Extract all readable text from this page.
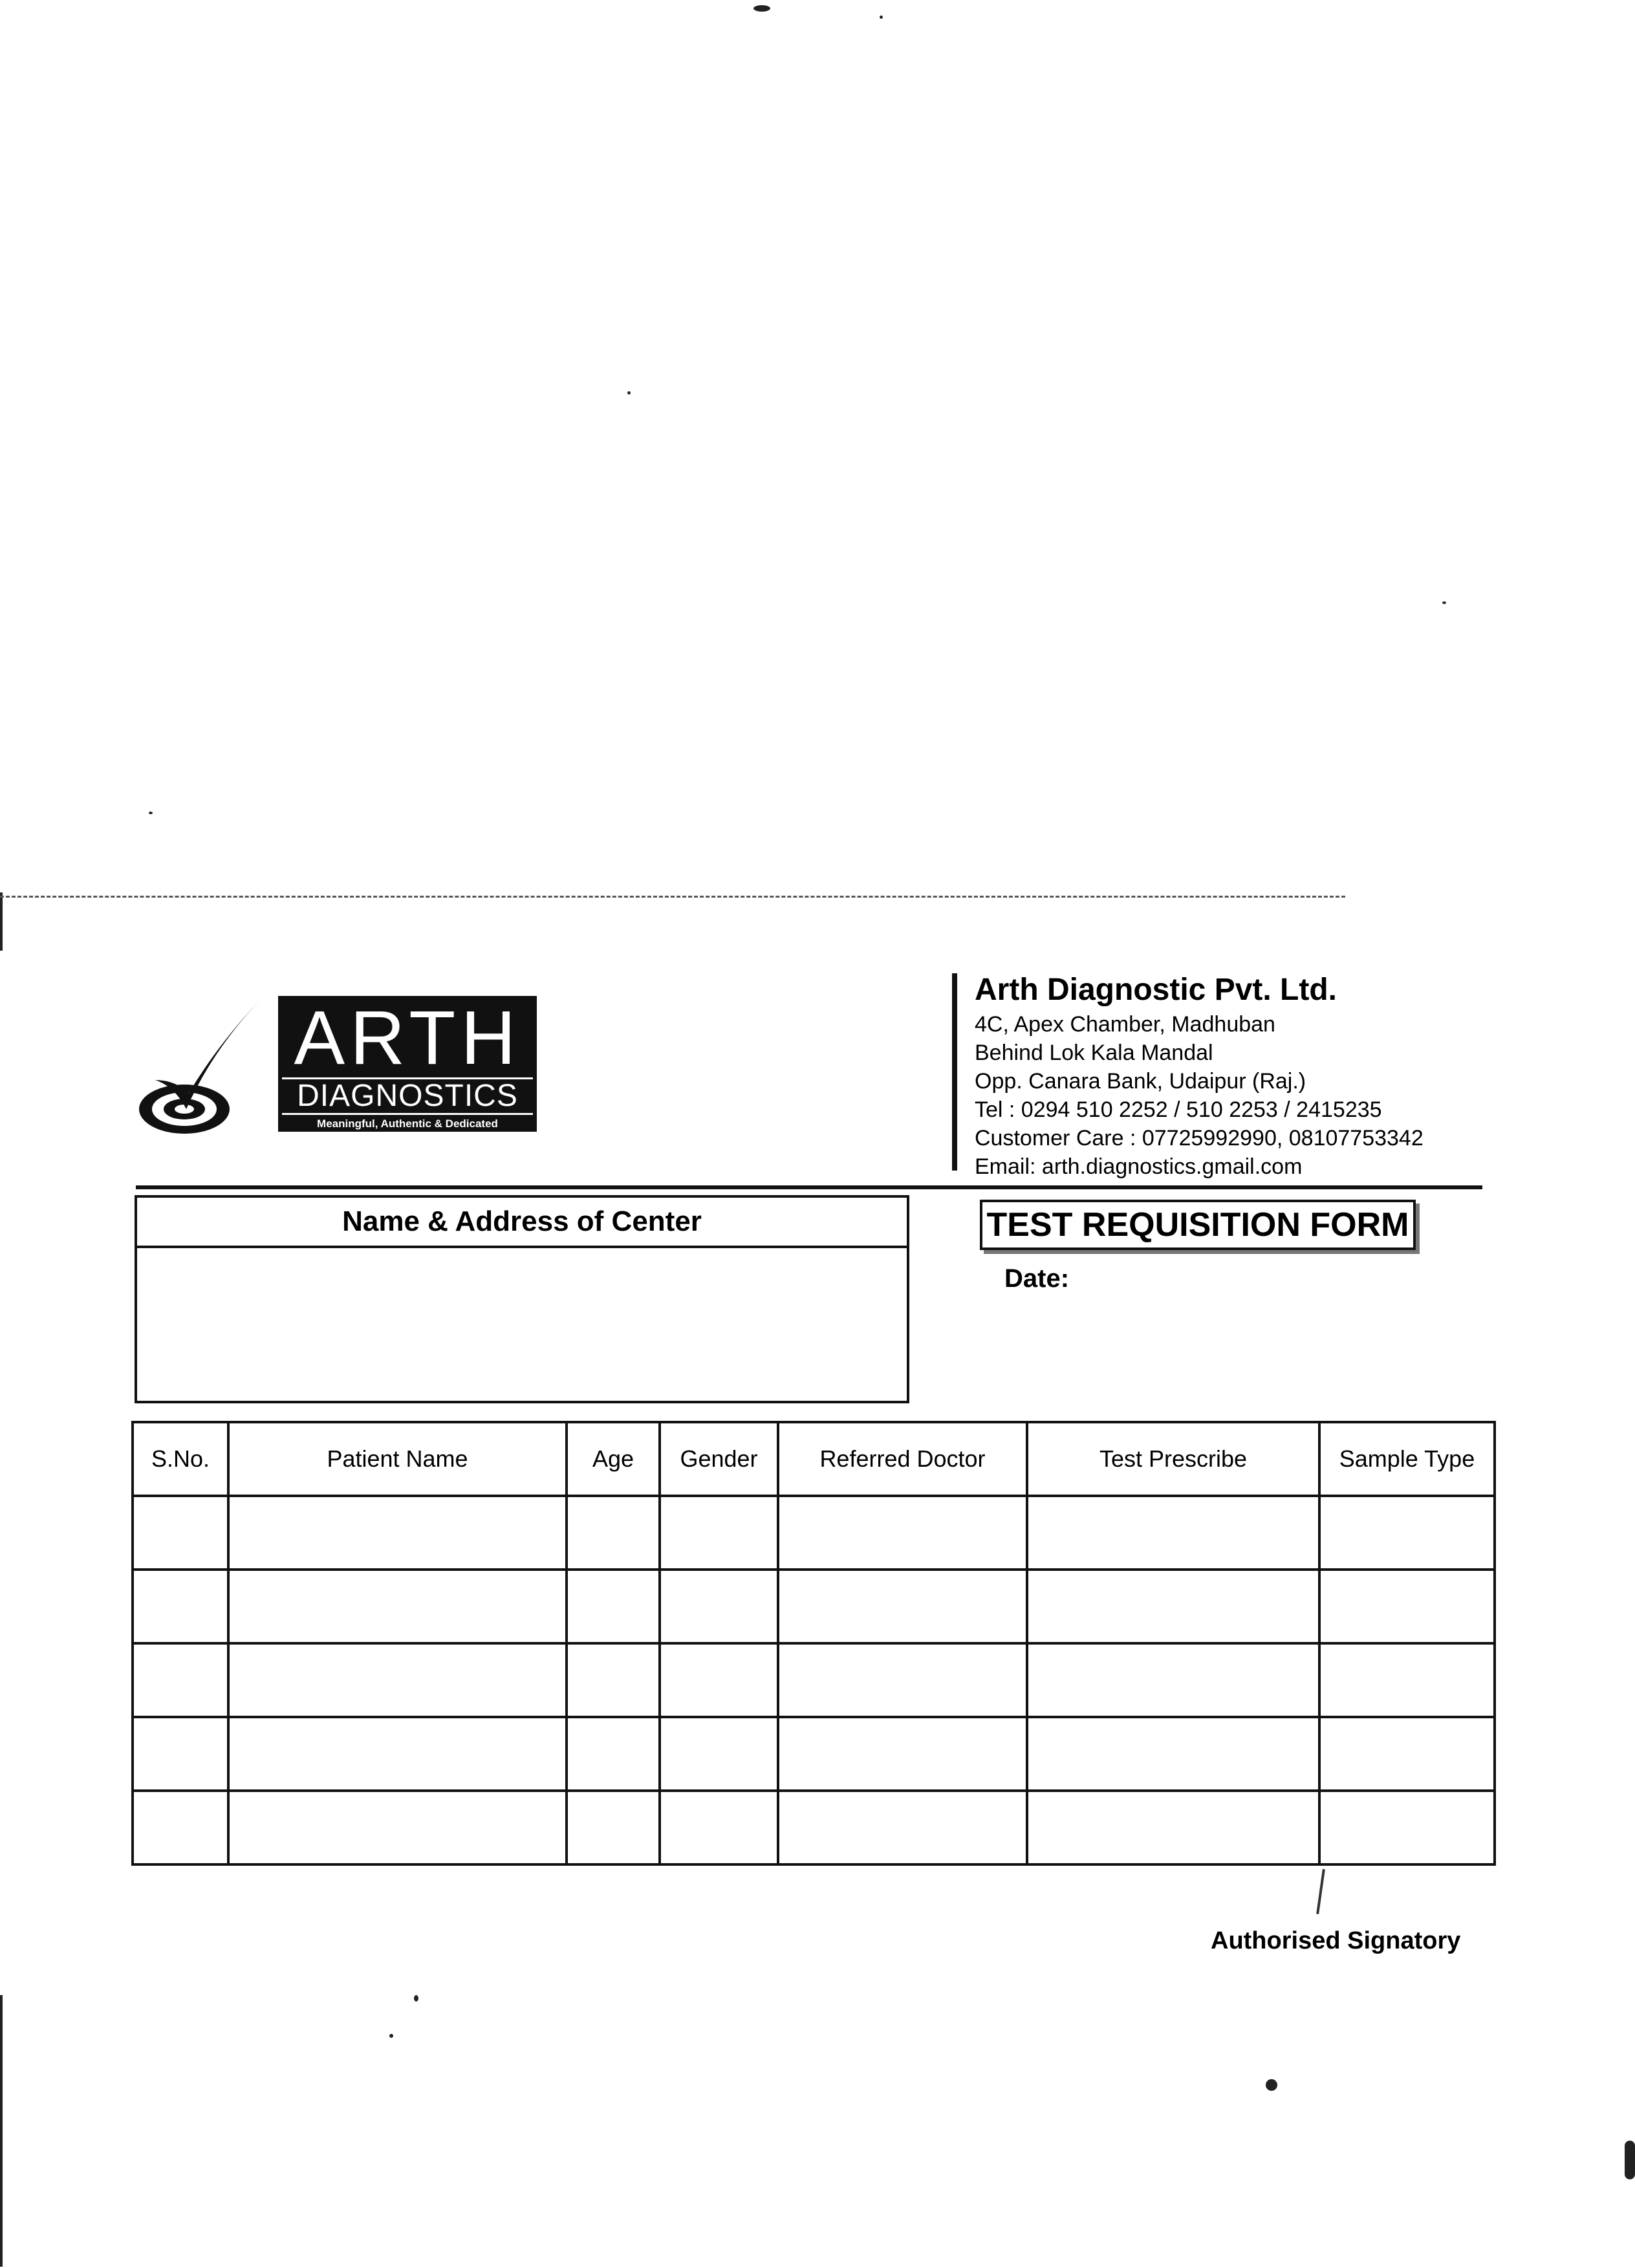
ARTH
DIAGNOSTICS
Meaningful, Authentic & Dedicated
Arth Diagnostic Pvt. Ltd.
4C, Apex Chamber, Madhuban
Behind Lok Kala Mandal
Opp. Canara Bank, Udaipur (Raj.)
Tel : 0294 510 2252 / 510 2253 / 2415235
Customer Care : 07725992990, 08107753342
Email: arth.diagnostics.gmail.com
Name & Address of Center	TEST REQUISITION FORM
Date:
S.No.	Patient Name	Age	Gender	Referred Doctor	Test Prescribe	Sample Type

Authorised Signatory
